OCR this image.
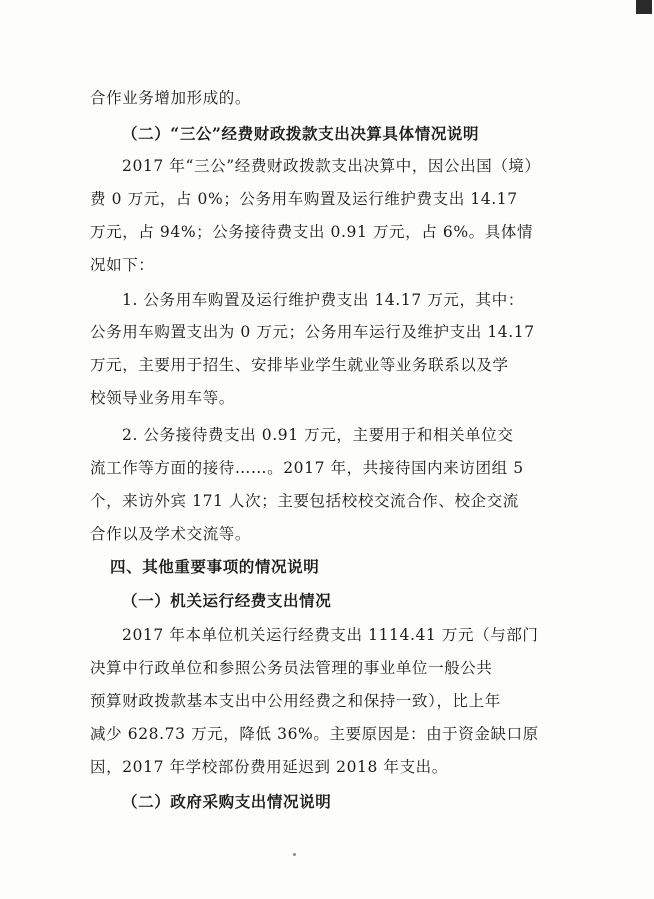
合作业务增加形成的。
（二）“三公”经费财政拨款支出决算具体情况说明
2017 年“三公”经费财政拨款支出决算中，因公出国（境）
费 0 万元，占 0%；公务用车购置及运行维护费支出 14.17
万元，占 94%；公务接待费支出 0.91 万元，占 6%。具体情
况如下：
1. 公务用车购置及运行维护费支出 14.17 万元，其中：
公务用车购置支出为 0 万元；公务用车运行及维护支出 14.17
万元，主要用于招生、安排毕业学生就业等业务联系以及学
校领导业务用车等。
2. 公务接待费支出 0.91 万元，主要用于和相关单位交
流工作等方面的接待……。2017 年，共接待国内来访团组 5
个，来访外宾 171 人次；主要包括校校交流合作、校企交流
合作以及学术交流等。
四、其他重要事项的情况说明
（一）机关运行经费支出情况
2017 年本单位机关运行经费支出 1114.41 万元（与部门
决算中行政单位和参照公务员法管理的事业单位一般公共
预算财政拨款基本支出中公用经费之和保持一致），比上年
减少 628.73 万元，降低 36%。主要原因是：由于资金缺口原
因，2017 年学校部份费用延迟到 2018 年支出。
（二）政府采购支出情况说明
